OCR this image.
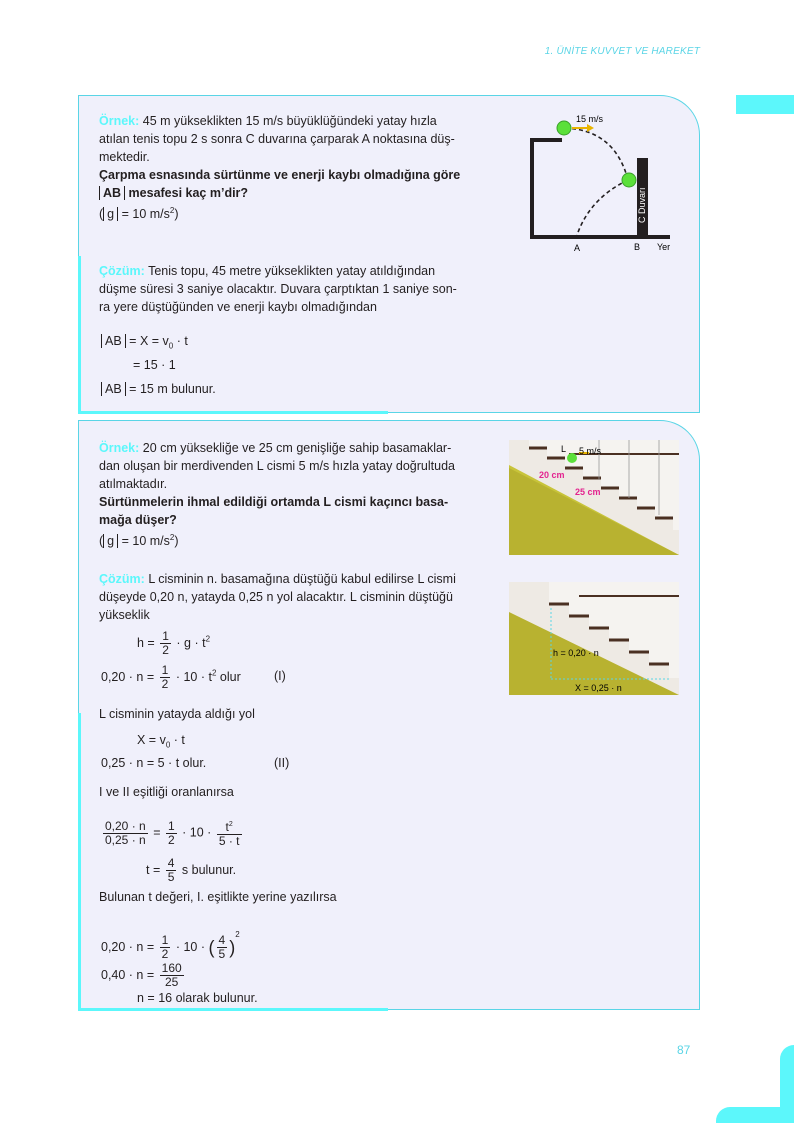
1. ÜNİTE KUVVET VE HAREKET
Örnek: 45 m yükseklikten 15 m/s büyüklüğündeki yatay hızla
atılan tenis topu 2 s sonra C duvarına çarparak A noktasına düş-
mektedir.
Çarpma esnasında sürtünme ve enerji kaybı olmadığına göre
AB mesafesi kaç m’dir?
( g = 10 $m/s^2$)	C Duvarı
15 m/s
A	B Yer
Çözüm: Tenis topu, 45 metre yükseklikten yatay atıldığından
düşme süresi 3 saniye olacaktır. Duvara çarptıktan 1 saniye son-
ra yere düştüğünden ve enerji kaybı olmadığından
AB = $X = v_0 \cdot t$
= 15 · 1
AB = 15 m bulunur.
Örnek: 20 cm yüksekliğe ve 25 cm genişliğe sahip basamaklar-
dan oluşan bir merdivenden L cismi 5 m/s hızla yatay doğrultuda
atılmaktadır.
Sürtünmelerin ihmal edildiği ortamda L cismi kaçıncı basa-
mağa düşer?
( g = 10 $m/s^2$)
L 5 m/s
20 cm
25 cm
h = 0,20 · n
X = 0,25 · n
Çözüm: L cisminin n. basamağına düştüğü kabul edilirse L cismi
düşeyde 0,20 n, yatayda 0,25 n yol alacaktır. L cisminin düştüğü
yükseklik
$h = \frac{1}{2} \cdot g \cdot t^2$
$0,20 \cdot n = \frac{1}{2} \cdot 10 \cdot t^2$ olur	(I)
L cisminin yatayda aldığı yol
$X = v_0 \cdot t$
0,25 · n = 5 · t olur.	(II)
I ve II eşitliği oranlanırsa
$\frac{0,20 \cdot n}{0,25 \cdot n} = \frac{1}{2} \cdot 10 \cdot \frac{t^2}{5 \cdot t}$
$t = \frac{4}{5}$ s bulunur.
Bulunan t değeri, I. eşitlikte yerine yazılırsa
$0,20 \cdot n = \frac{1}{2} \cdot 10$ · ( $\frac{4}{5} )^2$
$0,40 \cdot n = \frac{160}{25}$
n = 16 olarak bulunur.
87
